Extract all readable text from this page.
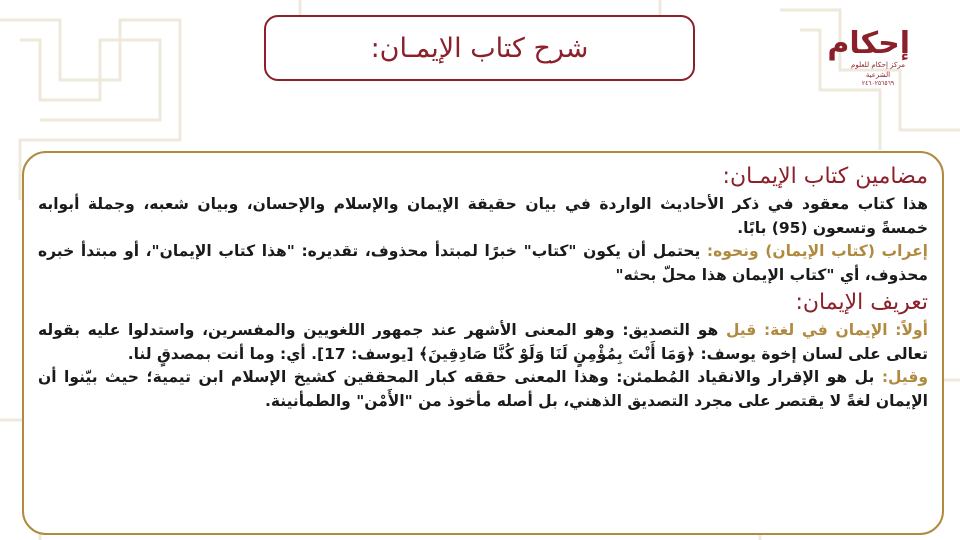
شرح كتاب الإيمـان:	إحكام
مركز إحكام للعلوم الشرعية
٢٤٦٠٢٥٦٥٦٩
مضامين كتاب الإيمـان:
هذا كتاب معقود في ذكر الأحاديث الواردة في بيان حقيقة الإيمان والإسلام والإحسان، وبيان شعبه، وجملة أبوابه خمسةً وتسعون (95) بابًا.
إعراب (كتاب الإيمان) ونحوه: يحتمل أن يكون "كتاب" خبرًا لمبتدأ محذوف، تقديره: "هذا كتاب الإيمان"، أو مبتدأ خبره محذوف، أي "كتاب الإيمان هذا محلّ بحثه"
تعريف الإيمان:
أولاً: الإيمان في لغة: قيل هو التصديق: وهو المعنى الأشهر عند جمهور اللغويين والمفسرين، واستدلوا عليه بقوله تعالى على لسان إخوة يوسف: ﴿وَمَا أَنْتَ بِمُؤْمِنٍ لَنَا وَلَوْ كُنَّا صَادِقِينَ﴾ [يوسف: 17]. أي: وما أنت بمصدقٍ لنا.
وقيل: بل هو الإقرار والانقياد المُطمئن: وهذا المعنى حققه كبار المحققين كشيخ الإسلام ابن تيمية؛ حيث بيّنوا أن الإيمان لغةً لا يقتصر على مجرد التصديق الذهني، بل أصله مأخوذ من "الأَمْن" والطمأنينة.
